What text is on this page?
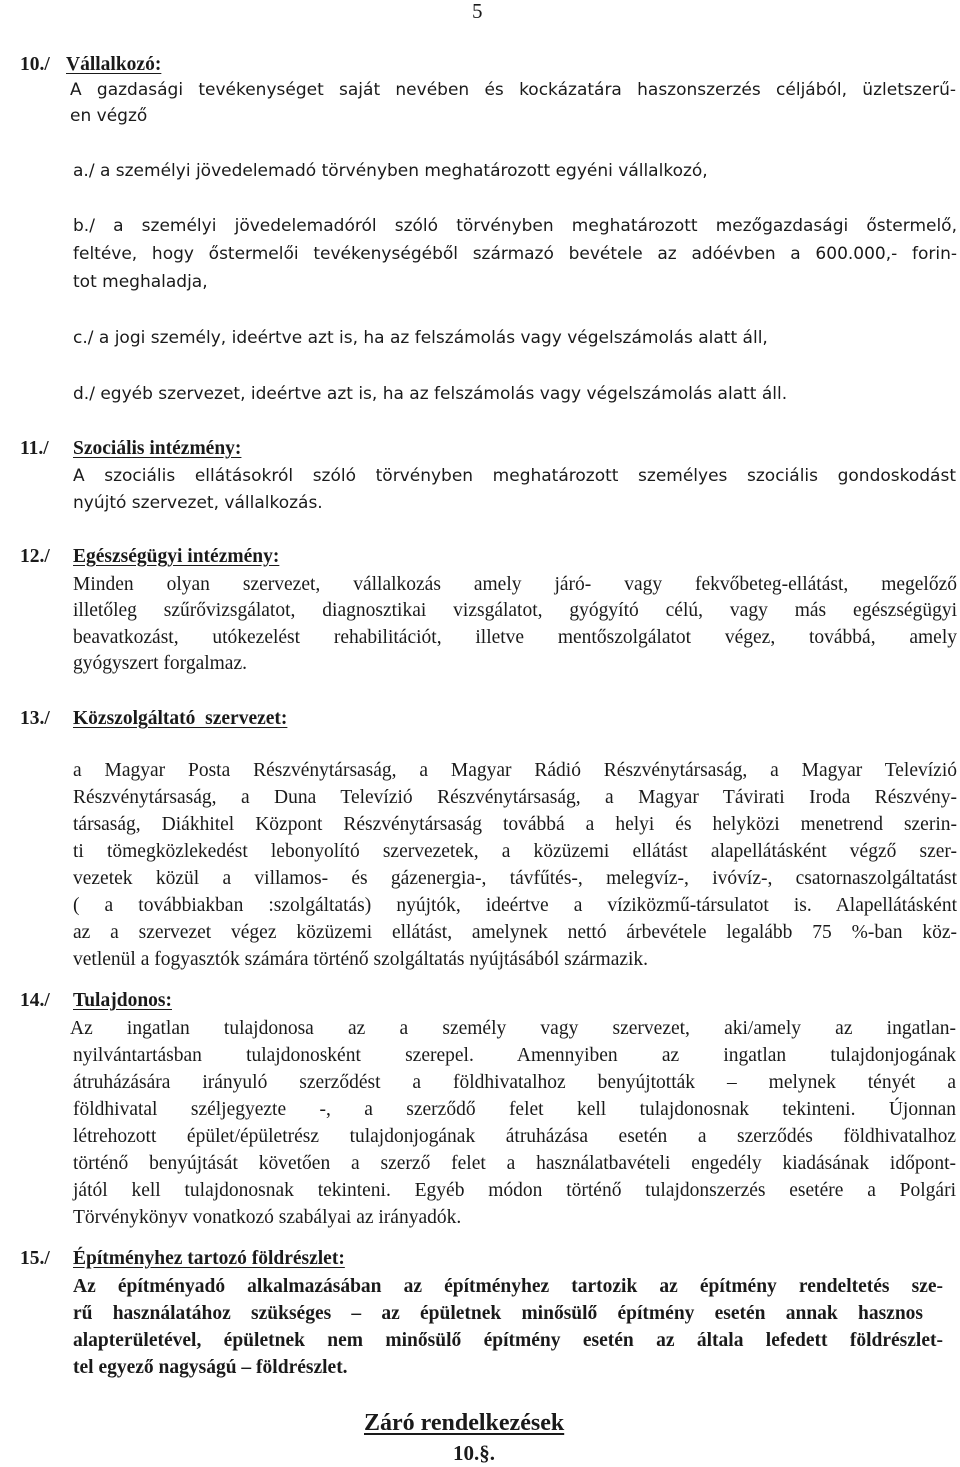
5
10./ Vállalkozó:
A gazdasági tevékenységet saját nevében és kockázatára haszonszerzés céljából, üzletszerű-
en végző
a./ a személyi jövedelemadó törvényben meghatározott egyéni vállalkozó,
b./ a személyi jövedelemadóról szóló törvényben meghatározott mezőgazdasági őstermelő,
feltéve, hogy őstermelői tevékenységéből származó bevétele az adóévben a 600.000,- forin-
tot meghaladja,
c./ a jogi személy, ideértve azt is, ha az felszámolás vagy végelszámolás alatt áll,
d./ egyéb szervezet, ideértve azt is, ha az felszámolás vagy végelszámolás alatt áll.
11./ Szociális intézmény:
A szociális ellátásokról szóló törvényben meghatározott személyes szociális gondoskodást
nyújtó szervezet, vállalkozás.
12./ Egészségügyi intézmény:
Minden olyan szervezet, vállalkozás amely járó- vagy fekvőbeteg-ellátást, megelőző
illetőleg szűrővizsgálatot, diagnosztikai vizsgálatot, gyógyító célú, vagy más egészségügyi
beavatkozást, utókezelést rehabilitációt, illetve mentőszolgálatot végez, továbbá, amely
gyógyszert forgalmaz.
13./ Közszolgáltató  szervezet:
a Magyar Posta Részvénytársaság, a Magyar Rádió Részvénytársaság, a Magyar Televízió
Részvénytársaság, a Duna Televízió Részvénytársaság, a Magyar Távirati Iroda Részvény-
társaság, Diákhitel Központ Részvénytársaság továbbá a helyi és helyközi menetrend szerin-
ti tömegközlekedést lebonyolító szervezetek, a közüzemi ellátást alapellátásként végző szer-
vezetek közül a villamos- és gázenergia-, távfűtés-, melegvíz-, ivóvíz-, csatornaszolgáltatást
( a továbbiakban :szolgáltatás) nyújtók, ideértve a víziközmű-társulatot is. Alapellátásként
az a szervezet végez közüzemi ellátást, amelynek nettó árbevétele legalább 75 %-ban köz-
vetlenül a fogyasztók számára történő szolgáltatás nyújtásából származik.
14./ Tulajdonos:
Az ingatlan tulajdonosa az a személy vagy szervezet, aki/amely az ingatlan-
nyilvántartásban tulajdonosként szerepel. Amennyiben az ingatlan tulajdonjogának
átruházására irányuló szerződést a földhivatalhoz benyújtották – melynek tényét a
földhivatal széljegyezte -, a szerződő felet kell tulajdonosnak tekinteni. Újonnan
létrehozott épület/épületrész tulajdonjogának átruházása esetén a szerződés földhivatalhoz
történő benyújtását követően a szerző felet a használatbavételi engedély kiadásának időpont-
jától kell tulajdonosnak tekinteni. Egyéb módon történő tulajdonszerzés esetére a Polgári
Törvénykönyv vonatkozó szabályai az irányadók.
15./ Építményhez tartozó földrészlet:
Az építményadó alkalmazásában az építményhez tartozik az építmény rendeltetés sze-
rű használatához szükséges – az épületnek minősülő építmény esetén annak hasznos
alapterületével, épületnek nem minősülő építmény esetén az általa lefedett földrészlet-
tel egyező nagyságú – földrészlet.
Záró rendelkezések
10.§.
